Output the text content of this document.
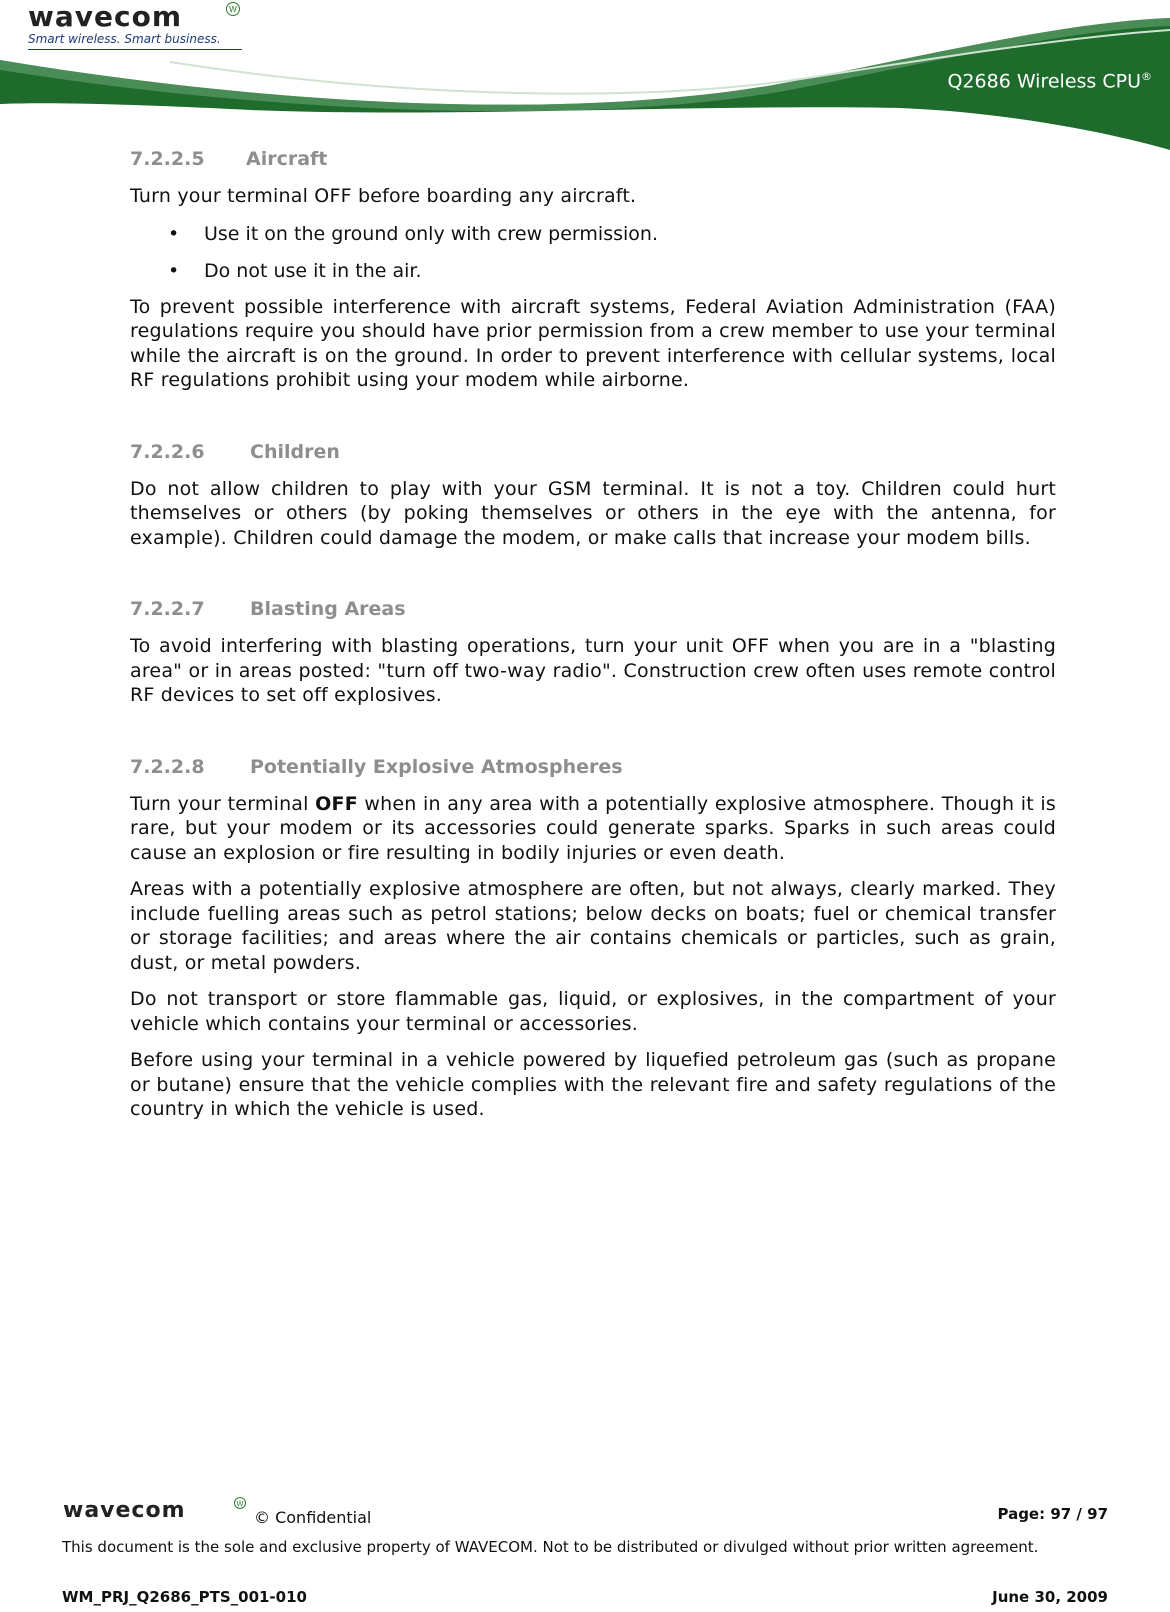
wavecom	W
Smart wireless. Smart business.
Q2686 Wireless CPU®
7.2.2.5	Aircraft

Turn your terminal OFF before boarding any aircraft.

•	Use it on the ground only with crew permission.
•	Do not use it in the air.

To prevent possible interference with aircraft systems, Federal Aviation Administration (FAA) regulations require you should have prior permission from a crew member to use your terminal while the aircraft is on the ground. In order to prevent interference with cellular systems, local RF regulations prohibit using your modem while airborne.

7.2.2.6	Children

Do not allow children to play with your GSM terminal. It is not a toy. Children could hurt themselves or others (by poking themselves or others in the eye with the antenna, for example). Children could damage the modem, or make calls that increase your modem bills.

7.2.2.7	Blasting Areas

To avoid interfering with blasting operations, turn your unit OFF when you are in a "blasting area" or in areas posted: "turn off two-way radio". Construction crew often uses remote control RF devices to set off explosives.

7.2.2.8	Potentially Explosive Atmospheres

Turn your terminal OFF when in any area with a potentially explosive atmosphere. Though it is rare, but your modem or its accessories could generate sparks. Sparks in such areas could cause an explosion or fire resulting in bodily injuries or even death.

Areas with a potentially explosive atmosphere are often, but not always, clearly marked. They include fuelling areas such as petrol stations; below decks on boats; fuel or chemical transfer or storage facilities; and areas where the air contains chemicals or particles, such as grain, dust, or metal powders.

Do not transport or store flammable gas, liquid, or explosives, in the compartment of your vehicle which contains your terminal or accessories.

Before using your terminal in a vehicle powered by liquefied petroleum gas (such as propane or butane) ensure that the vehicle complies with the relevant fire and safety regulations of the country in which the vehicle is used.

wavecom	W
© Confidential	Page: 97 / 97
This document is the sole and exclusive property of WAVECOM. Not to be distributed or divulged without prior written agreement.
WM_PRJ_Q2686_PTS_001-010	June 30, 2009
